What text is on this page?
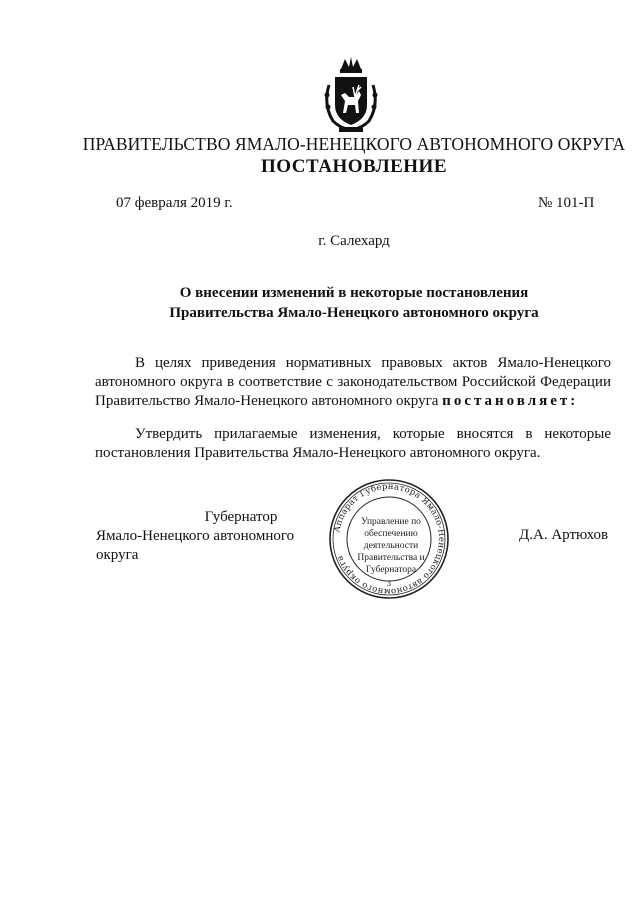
ПРАВИТЕЛЬСТВО ЯМАЛО-НЕНЕЦКОГО АВТОНОМНОГО ОКРУГА
ПОСТАНОВЛЕНИЕ
07 февраля 2019 г.	№ 101-П
г. Салехард
О внесении изменений в некоторые постановления
Правительства Ямало-Ненецкого автономного округа
В целях приведения нормативных правовых актов Ямало-Ненецкого автономного округа в соответствие с законодательством Российской Федерации Правительство Ямало-Ненецкого автономного округа постановляет:
Утвердить прилагаемые изменения, которые вносятся в некоторые постановления Правительства Ямало-Ненецкого автономного округа.
Губернатор
Ямало-Ненецкого автономного округа
Д.А. Артюхов
Аппарат Губернатора Ямало-Ненецкого автономного округа
3
Управление по обеспечению деятельности Правительства и Губернатора
